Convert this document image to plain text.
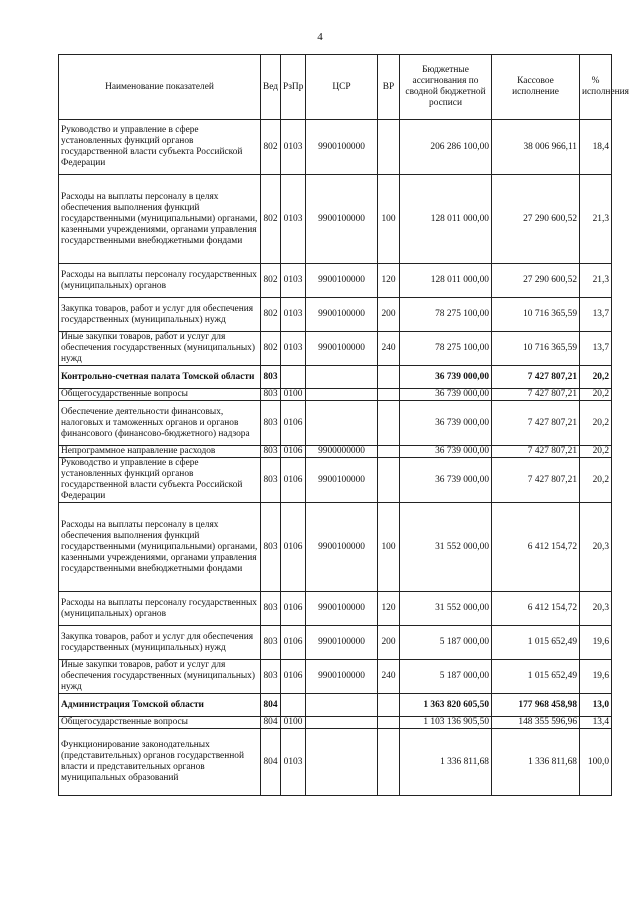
4
Наименование показателей	Вед	РзПр	ЦСР	ВР	Бюджетные ассигнования по сводной бюджетной росписи	Кассовое исполнение	% исполнения
Руководство и управление в сфере установленных функций органов государственной власти субъекта Российской Федерации	802	0103	9900100000		206 286 100,00	38 006 966,11	18,4
Расходы на выплаты персоналу в целях обеспечения выполнения функций государственными (муниципальными) органами, казенными учреждениями, органами управления государственными внебюджетными фондами	802	0103	9900100000	100	128 011 000,00	27 290 600,52	21,3
Расходы на выплаты персоналу государственных (муниципальных) органов	802	0103	9900100000	120	128 011 000,00	27 290 600,52	21,3
Закупка товаров, работ и услуг для обеспечения государственных (муниципальных) нужд	802	0103	9900100000	200	78 275 100,00	10 716 365,59	13,7
Иные закупки товаров, работ и услуг для обеспечения государственных (муниципальных) нужд	802	0103	9900100000	240	78 275 100,00	10 716 365,59	13,7
Контрольно-счетная палата Томской области	803				36 739 000,00	7 427 807,21	20,2
Общегосударственные вопросы	803	0100			36 739 000,00	7 427 807,21	20,2
Обеспечение деятельности финансовых, налоговых и таможенных органов и органов финансового (финансово-бюджетного) надзора	803	0106			36 739 000,00	7 427 807,21	20,2
Непрограммное направление расходов	803	0106	9900000000		36 739 000,00	7 427 807,21	20,2
Руководство и управление в сфере установленных функций органов государственной власти субъекта Российской Федерации	803	0106	9900100000		36 739 000,00	7 427 807,21	20,2
Расходы на выплаты персоналу в целях обеспечения выполнения функций государственными (муниципальными) органами, казенными учреждениями, органами управления государственными внебюджетными фондами	803	0106	9900100000	100	31 552 000,00	6 412 154,72	20,3
Расходы на выплаты персоналу государственных (муниципальных) органов	803	0106	9900100000	120	31 552 000,00	6 412 154,72	20,3
Закупка товаров, работ и услуг для обеспечения государственных (муниципальных) нужд	803	0106	9900100000	200	5 187 000,00	1 015 652,49	19,6
Иные закупки товаров, работ и услуг для обеспечения государственных (муниципальных) нужд	803	0106	9900100000	240	5 187 000,00	1 015 652,49	19,6
Администрация Томской области	804				1 363 820 605,50	177 968 458,98	13,0
Общегосударственные вопросы	804	0100			1 103 136 905,50	148 355 596,96	13,4
Функционирование законодательных (представительных) органов государственной власти и представительных органов муниципальных образований	804	0103			1 336 811,68	1 336 811,68	100,0
